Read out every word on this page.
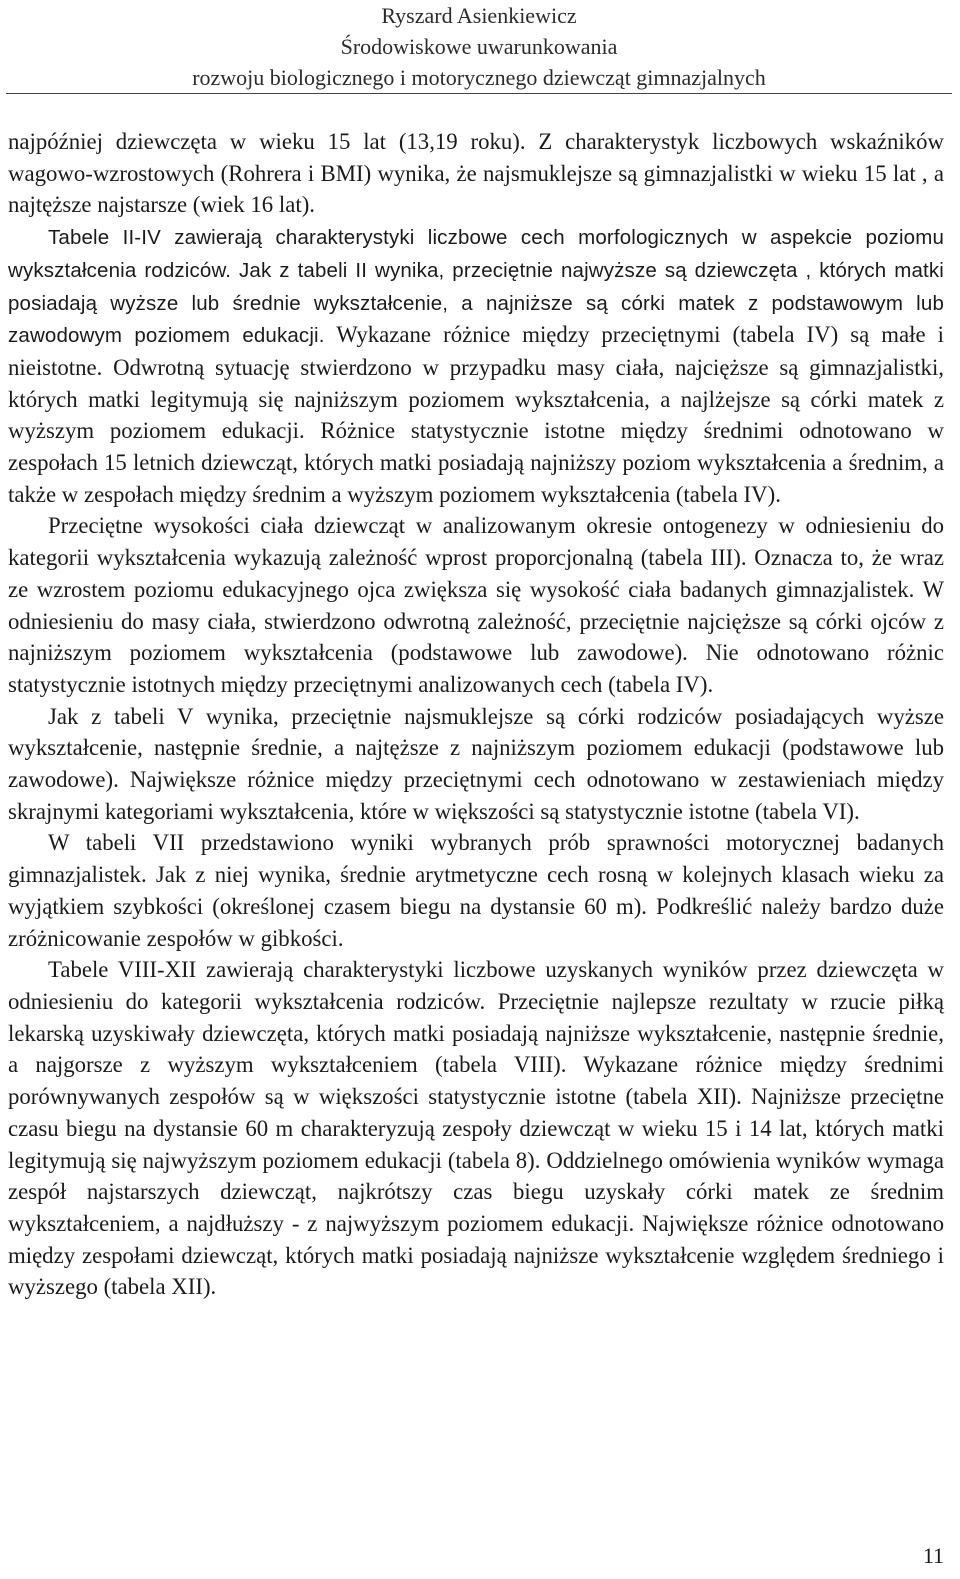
Ryszard Asienkiewicz
Środowiskowe uwarunkowania
rozwoju biologicznego i motorycznego dziewcząt gimnazjalnych

najpóźniej dziewczęta w wieku 15 lat (13,19 roku). Z charakterystyk liczbowych wskaźników wagowo-wzrostowych (Rohrera i BMI) wynika, że najsmuklejsze są gimnazjalistki w wieku 15 lat , a najtęższe najstarsze (wiek 16 lat).

Tabele II-IV zawierają charakterystyki liczbowe cech morfologicznych w aspekcie poziomu wykształcenia rodziców. Jak z tabeli II wynika, przeciętnie najwyższe są dziewczęta , których matki posiadają wyższe lub średnie wykształcenie, a najniższe są córki matek z podstawowym lub zawodowym poziomem edukacji. Wykazane różnice między przeciętnymi (tabela IV) są małe i nieistotne. Odwrotną sytuację stwierdzono w przypadku masy ciała, najcięższe są gimnazjalistki, których matki legitymują się najniższym poziomem wykształcenia, a najlżejsze są córki matek z wyższym poziomem edukacji. Różnice statystycznie istotne między średnimi odnotowano w zespołach 15 letnich dziewcząt, których matki posiadają najniższy poziom wykształcenia a średnim, a także w zespołach między średnim a wyższym poziomem wykształcenia (tabela IV).

Przeciętne wysokości ciała dziewcząt w analizowanym okresie ontogenezy w odniesieniu do kategorii wykształcenia wykazują zależność wprost proporcjonalną (tabela III). Oznacza to, że wraz ze wzrostem poziomu edukacyjnego ojca zwiększa się wysokość ciała badanych gimnazjalistek. W odniesieniu do masy ciała, stwierdzono odwrotną zależność, przeciętnie najcięższe są córki ojców z najniższym poziomem wykształcenia (podstawowe lub zawodowe). Nie odnotowano różnic statystycznie istotnych między przeciętnymi analizowanych cech (tabela IV).

Jak z tabeli V wynika, przeciętnie najsmuklejsze są córki rodziców posiadających wyższe wykształcenie, następnie średnie, a najtęższe z najniższym poziomem edukacji (podstawowe lub zawodowe). Największe różnice między przeciętnymi cech odnotowano w zestawieniach między skrajnymi kategoriami wykształcenia, które w większości są statystycznie istotne (tabela VI).

W tabeli VII przedstawiono wyniki wybranych prób sprawności motorycznej badanych gimnazjalistek. Jak z niej wynika, średnie arytmetyczne cech rosną w kolejnych klasach wieku za wyjątkiem szybkości (określonej czasem biegu na dystansie 60 m). Podkreślić należy bardzo duże zróżnicowanie zespołów w gibkości.

Tabele VIII-XII zawierają charakterystyki liczbowe uzyskanych wyników przez dziewczęta w odniesieniu do kategorii wykształcenia rodziców. Przeciętnie najlepsze rezultaty w rzucie piłką lekarską uzyskiwały dziewczęta, których matki posiadają najniższe wykształcenie, następnie średnie, a najgorsze z wyższym wykształceniem (tabela VIII). Wykazane różnice między średnimi porównywanych zespołów są w większości statystycznie istotne (tabela XII). Najniższe przeciętne czasu biegu na dystansie 60 m charakteryzują zespoły dziewcząt w wieku 15 i 14 lat, których matki legitymują się najwyższym poziomem edukacji (tabela 8). Oddzielnego omówienia wyników wymaga zespół najstarszych dziewcząt, najkrótszy czas biegu uzyskały córki matek ze średnim wykształceniem, a najdłuższy - z najwyższym poziomem edukacji. Największe różnice odnotowano między zespołami dziewcząt, których matki posiadają najniższe wykształcenie względem średniego i wyższego (tabela XII).

11
